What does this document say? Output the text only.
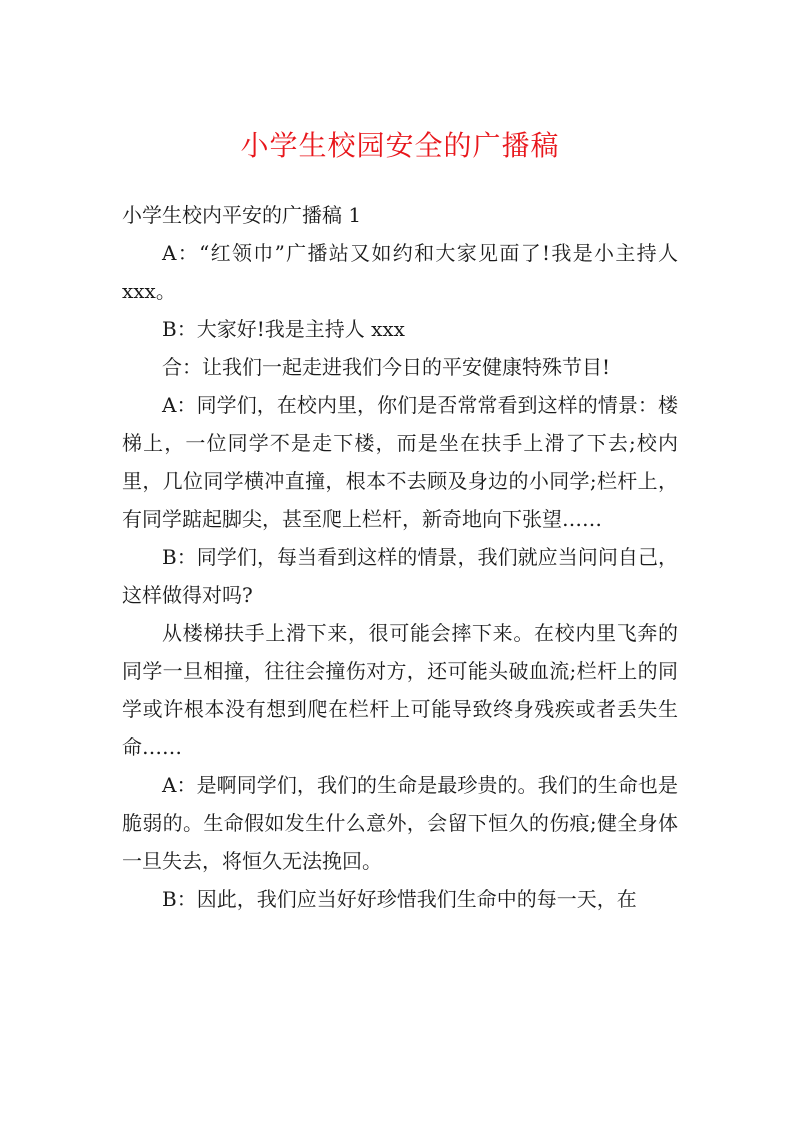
小学生校园安全的广播稿

小学生校内平安的广播稿 1

A：“红领巾”广播站又如约和大家见面了!我是小主持人 xxx。

B：大家好!我是主持人 xxx

合：让我们一起走进我们今日的平安健康特殊节目!

A：同学们，在校内里，你们是否常常看到这样的情景：楼梯上，一位同学不是走下楼，而是坐在扶手上滑了下去;校内里，几位同学横冲直撞，根本不去顾及身边的小同学;栏杆上，有同学踮起脚尖，甚至爬上栏杆，新奇地向下张望……

B：同学们，每当看到这样的情景，我们就应当问问自己，这样做得对吗?

从楼梯扶手上滑下来，很可能会摔下来。在校内里飞奔的同学一旦相撞，往往会撞伤对方，还可能头破血流;栏杆上的同学或许根本没有想到爬在栏杆上可能导致终身残疾或者丢失生命……

A：是啊同学们，我们的生命是最珍贵的。我们的生命也是脆弱的。生命假如发生什么意外，会留下恒久的伤痕;健全身体一旦失去，将恒久无法挽回。

B：因此，我们应当好好珍惜我们生命中的每一天，在
